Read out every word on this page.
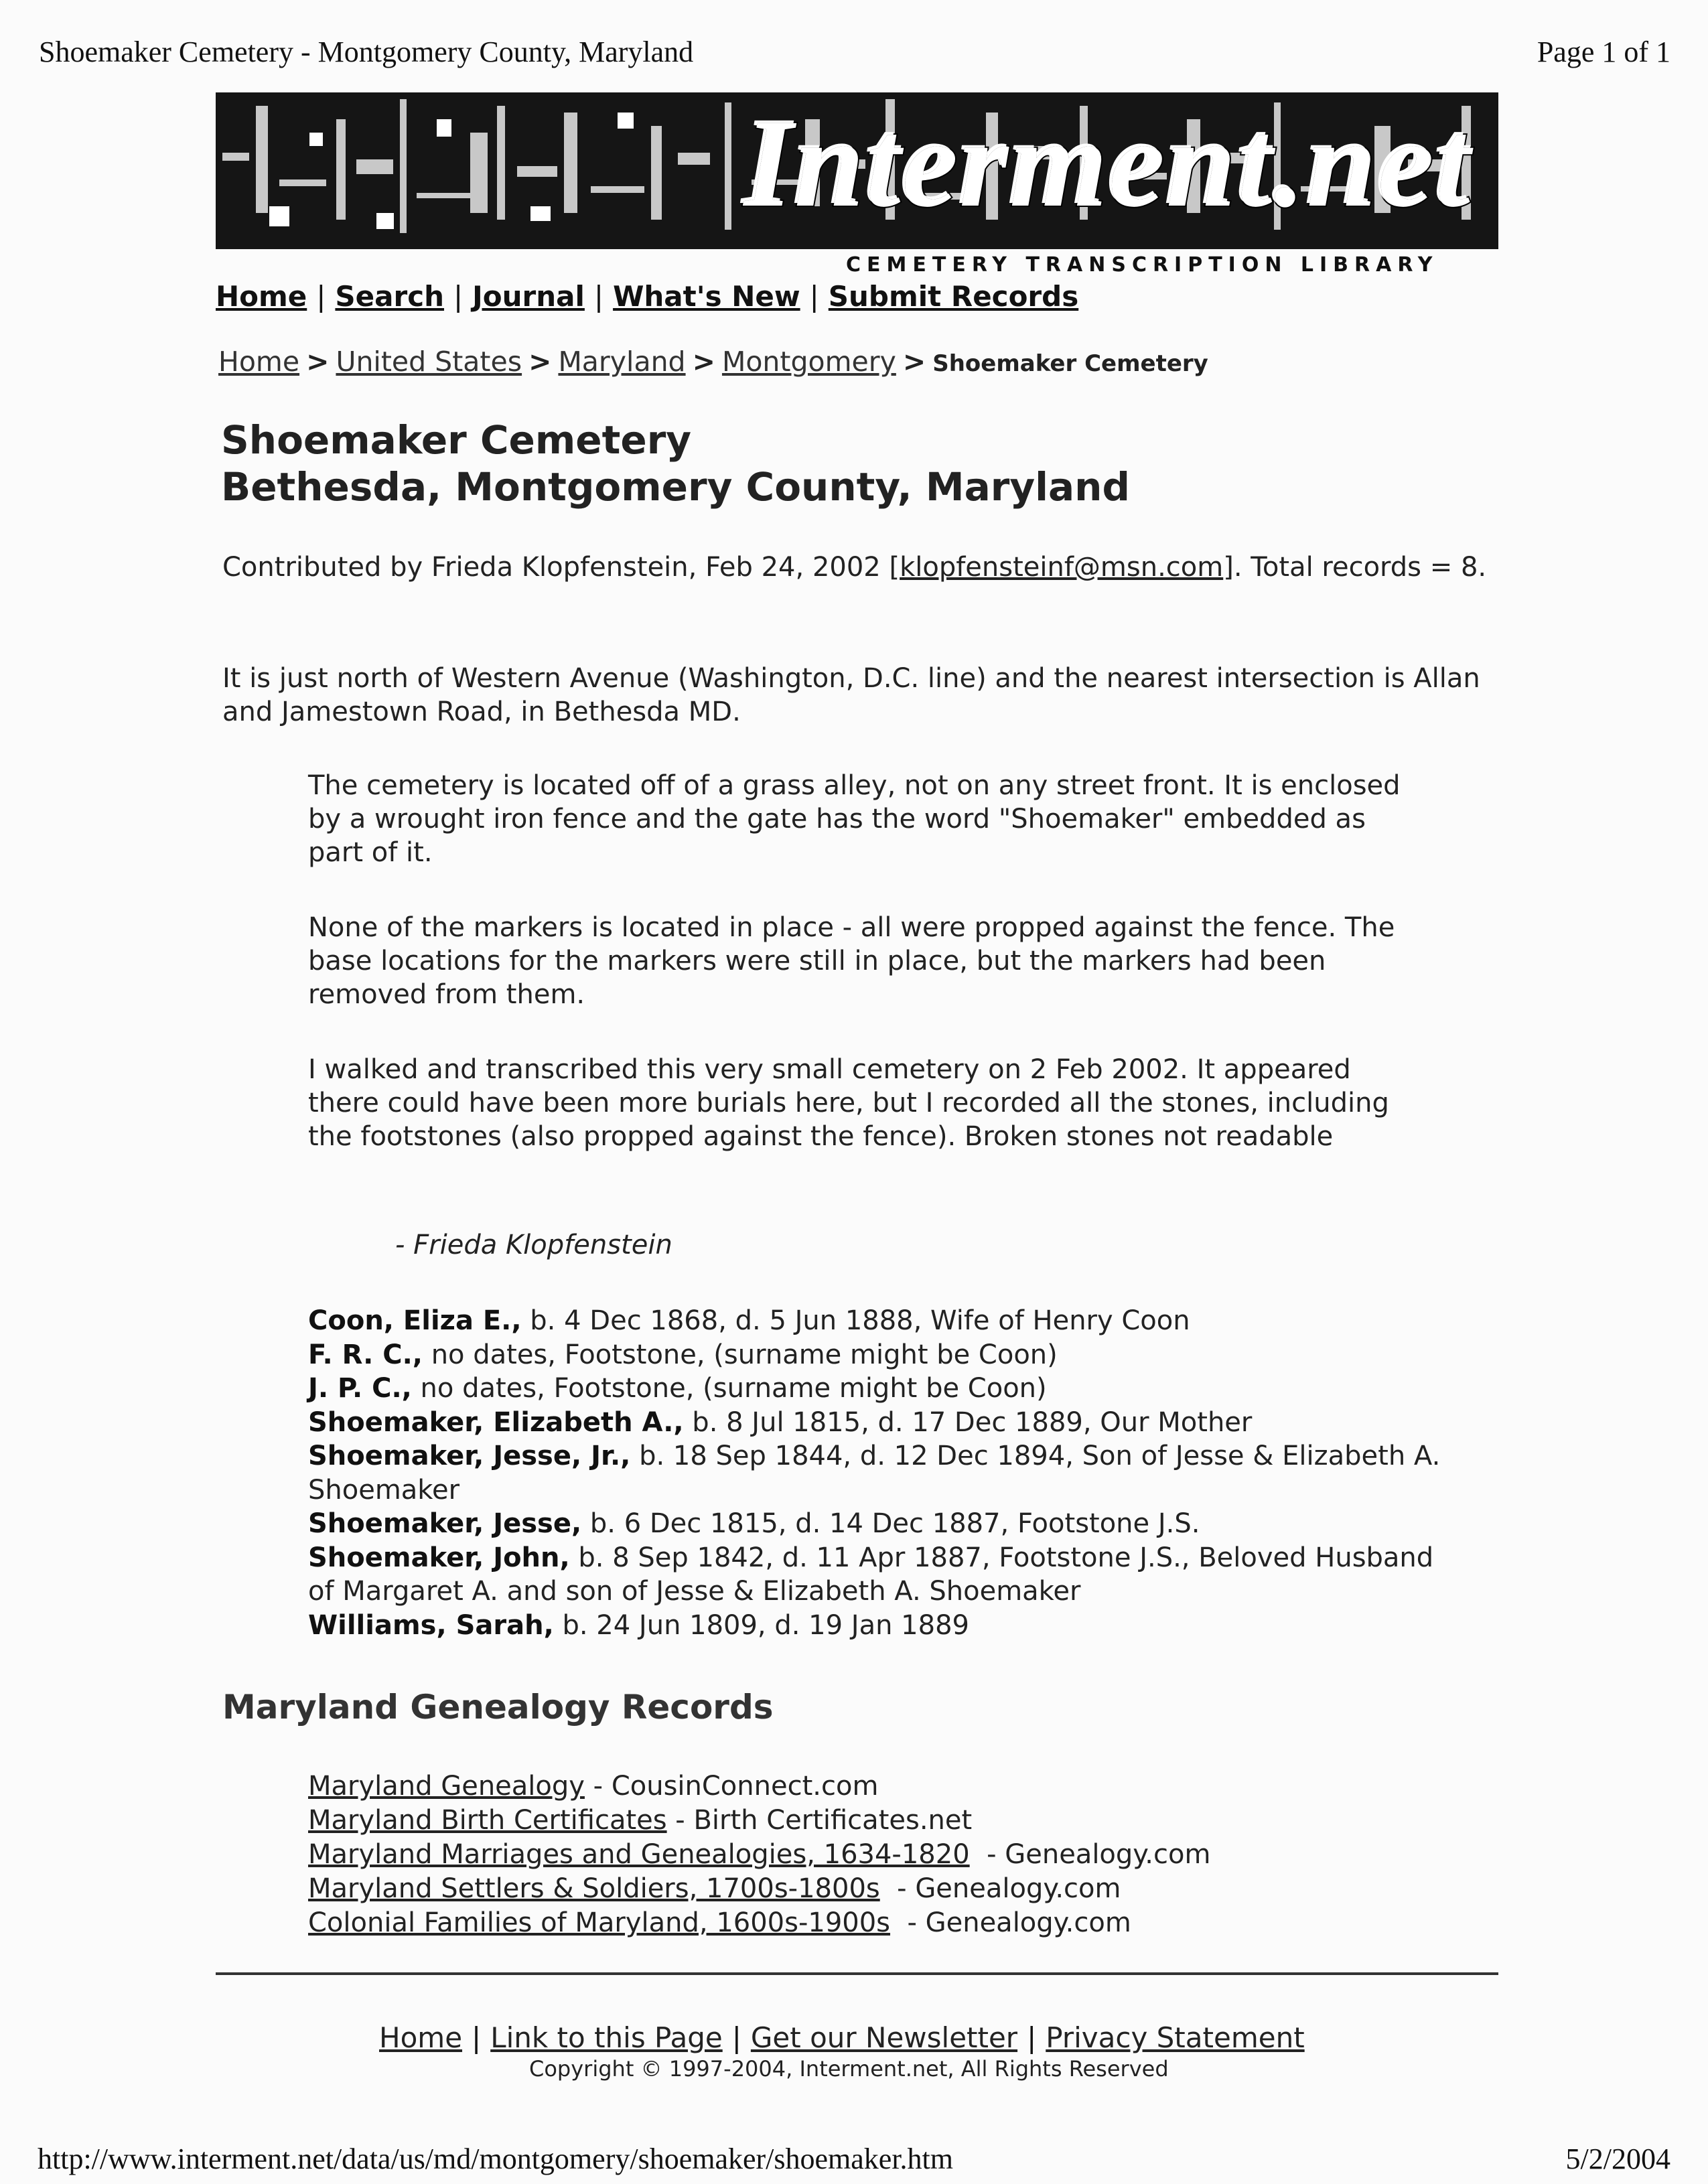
Shoemaker Cemetery - Montgomery County, Maryland	Page 1 of 1
Interment.net
CEMETERY TRANSCRIPTION LIBRARY
Home | Search | Journal | What's New | Submit Records
Home > United States > Maryland > Montgomery > Shoemaker Cemetery
Shoemaker Cemetery
Bethesda, Montgomery County, Maryland
Contributed by Frieda Klopfenstein, Feb 24, 2002 [klopfensteinf@msn.com]. Total records = 8.
It is just north of Western Avenue (Washington, D.C. line) and the nearest intersection is Allan and Jamestown Road, in Bethesda MD.
The cemetery is located off of a grass alley, not on any street front. It is enclosed by a wrought iron fence and the gate has the word "Shoemaker" embedded as part of it.
None of the markers is located in place - all were propped against the fence. The base locations for the markers were still in place, but the markers had been removed from them.
I walked and transcribed this very small cemetery on 2 Feb 2002. It appeared there could have been more burials here, but I recorded all the stones, including the footstones (also propped against the fence). Broken stones not readable
- Frieda Klopfenstein
Coon, Eliza E., b. 4 Dec 1868, d. 5 Jun 1888, Wife of Henry Coon
F. R. C., no dates, Footstone, (surname might be Coon)
J. P. C., no dates, Footstone, (surname might be Coon)
Shoemaker, Elizabeth A., b. 8 Jul 1815, d. 17 Dec 1889, Our Mother
Shoemaker, Jesse, Jr., b. 18 Sep 1844, d. 12 Dec 1894, Son of Jesse & Elizabeth A. Shoemaker
Shoemaker, Jesse, b. 6 Dec 1815, d. 14 Dec 1887, Footstone J.S.
Shoemaker, John, b. 8 Sep 1842, d. 11 Apr 1887, Footstone J.S., Beloved Husband of Margaret A. and son of Jesse & Elizabeth A. Shoemaker
Williams, Sarah, b. 24 Jun 1809, d. 19 Jan 1889
Maryland Genealogy Records
Maryland Genealogy - CousinConnect.com
Maryland Birth Certificates - Birth Certificates.net
Maryland Marriages and Genealogies, 1634-1820  - Genealogy.com
Maryland Settlers & Soldiers, 1700s-1800s  - Genealogy.com
Colonial Families of Maryland, 1600s-1900s  - Genealogy.com
Home | Link to this Page | Get our Newsletter | Privacy Statement
Copyright © 1997-2004, Interment.net, All Rights Reserved
http://www.interment.net/data/us/md/montgomery/shoemaker/shoemaker.htm	5/2/2004
